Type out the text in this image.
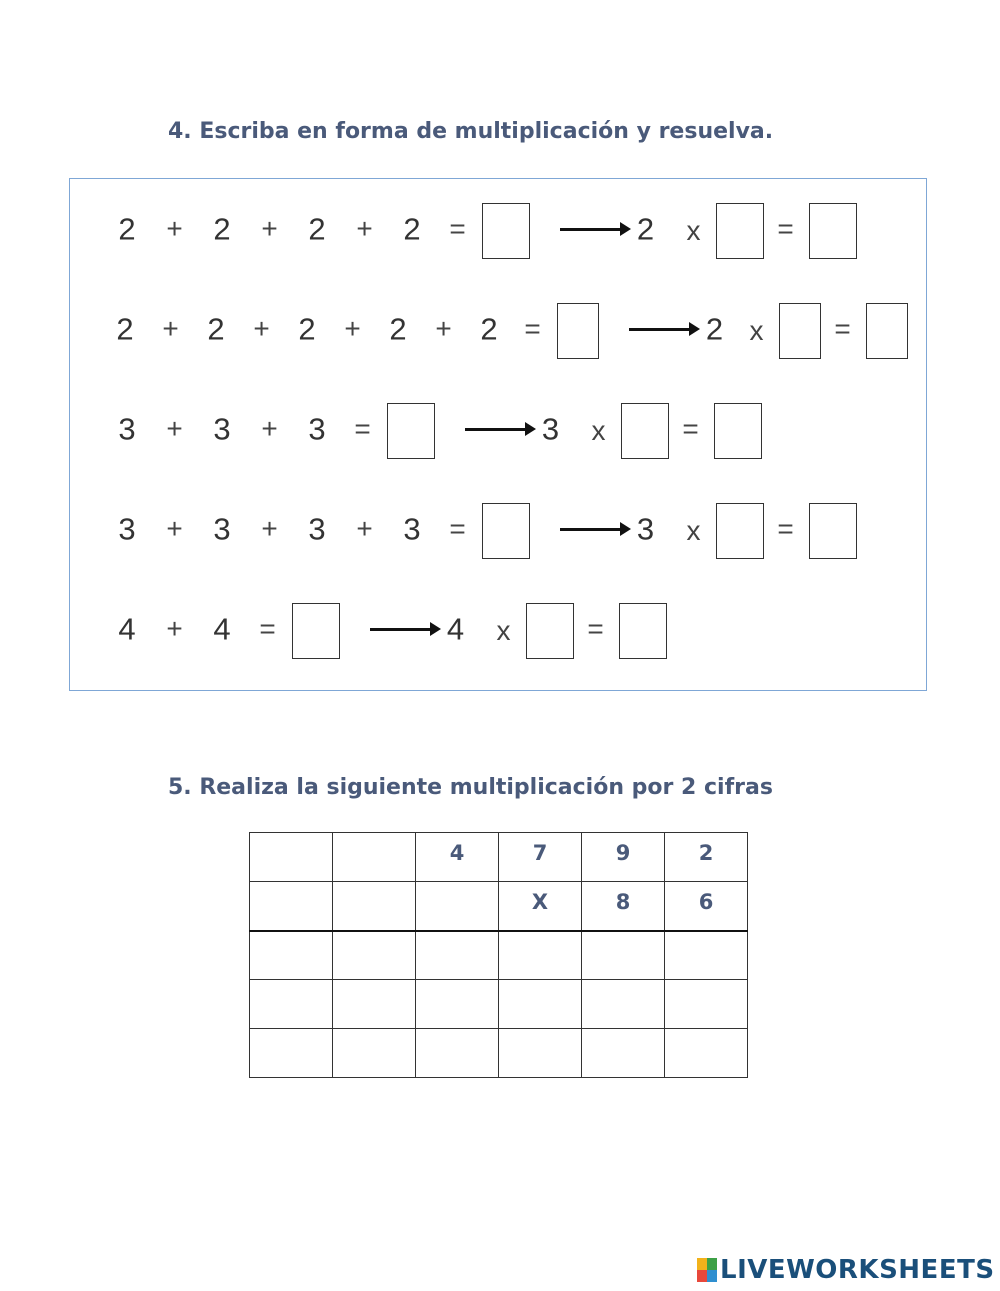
4. Escriba en forma de multiplicación y resuelva.
2 + 2 + 2 + 2 =	2 x	=
2 + 2 + 2 + 2 + 2 =	2 x	=
3 + 3 + 3 =	3 x	=
3 + 3 + 3 + 3 =	3 x	=
4 + 4 =	4 x	=
5. Realiza la siguiente multiplicación por 2 cifras
		4	7	9	2
			X	8	6

LIVEWORKSHEETS
